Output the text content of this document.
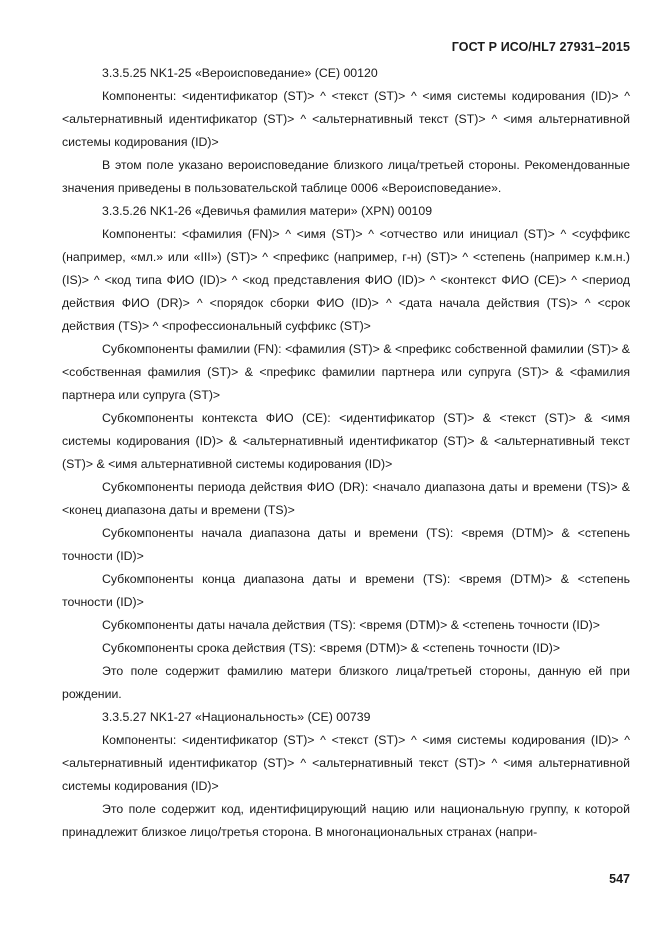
ГОСТ Р ИСО/HL7 27931–2015

3.3.5.25 NK1-25 «Вероисповедание» (CE) 00120

Компоненты: <идентификатор (ST)> ^ <текст (ST)> ^ <имя системы кодирования (ID)> ^ <альтернативный идентификатор (ST)> ^ <альтернативный текст (ST)> ^ <имя альтернативной системы кодирования (ID)>

В этом поле указано вероисповедание близкого лица/третьей стороны. Рекомендованные значения приведены в пользовательской таблице 0006 «Вероисповедание».

3.3.5.26 NK1-26 «Девичья фамилия матери» (XPN) 00109

Компоненты: <фамилия (FN)> ^ <имя (ST)> ^ <отчество или инициал (ST)> ^ <суффикс (например, «мл.» или «III») (ST)> ^ <префикс (например, г-н) (ST)> ^ <степень (например к.м.н.) (IS)> ^ <код типа ФИО (ID)> ^ <код представления ФИО (ID)> ^ <контекст ФИО (CE)> ^ <период действия ФИО (DR)> ^ <порядок сборки ФИО (ID)> ^ <дата начала действия (TS)> ^ <срок действия (TS)> ^ <профессиональный суффикс (ST)>

Субкомпоненты фамилии (FN): <фамилия (ST)> & <префикс собственной фамилии (ST)> & <собственная фамилия (ST)> & <префикс фамилии партнера или супруга (ST)> & <фамилия партнера или супруга (ST)>

Субкомпоненты контекста ФИО (CE): <идентификатор (ST)> & <текст (ST)> & <имя системы кодирования (ID)> & <альтернативный идентификатор (ST)> & <альтернативный текст (ST)> & <имя альтернативной системы кодирования (ID)>

Субкомпоненты периода действия ФИО (DR): <начало диапазона даты и времени (TS)> & <конец диапазона даты и времени (TS)>

Субкомпоненты начала диапазона даты и времени (TS): <время (DTM)> & <степень точности (ID)>

Субкомпоненты конца диапазона даты и времени (TS): <время (DTM)> & <степень точности (ID)>

Субкомпоненты даты начала действия (TS): <время (DTM)> & <степень точности (ID)>

Субкомпоненты срока действия (TS): <время (DTM)> & <степень точности (ID)>

Это поле содержит фамилию матери близкого лица/третьей стороны, данную ей при рождении.

3.3.5.27 NK1-27 «Национальность» (CE) 00739

Компоненты: <идентификатор (ST)> ^ <текст (ST)> ^ <имя системы кодирования (ID)> ^ <альтернативный идентификатор (ST)> ^ <альтернативный текст (ST)> ^ <имя альтернативной системы кодирования (ID)>

Это поле содержит код, идентифицирующий нацию или национальную группу, к которой принадлежит близкое лицо/третья сторона. В многонациональных странах (напри-

547
